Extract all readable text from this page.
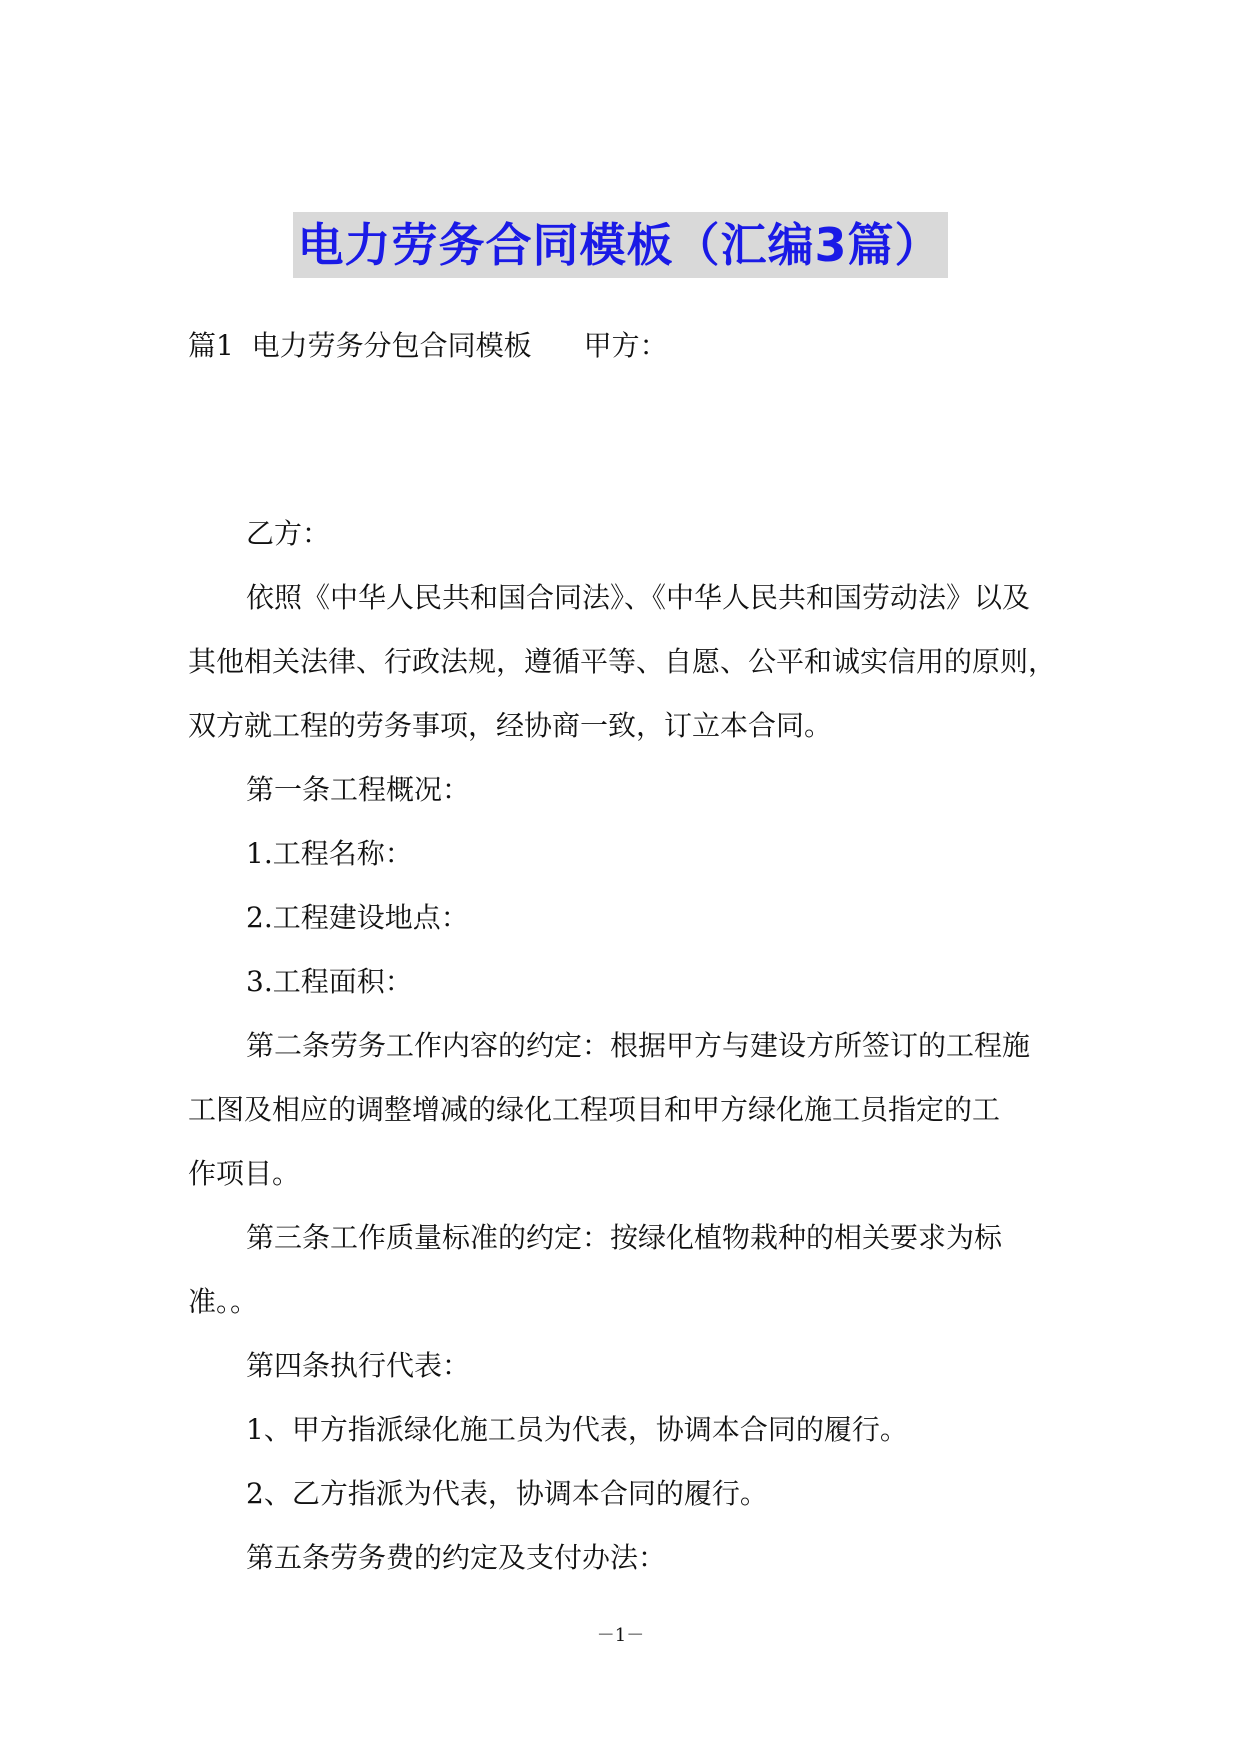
电力劳务合同模板（汇编3篇）
篇1 电力劳务分包合同模板 甲方：
乙方：
依照《中华人民共和国合同法》、《中华人民共和国劳动法》以及
其他相关法律、行政法规，遵循平等、自愿、公平和诚实信用的原则，
双方就工程的劳务事项，经协商一致，订立本合同。
第一条工程概况：
1.工程名称：
2.工程建设地点：
3.工程面积：
第二条劳务工作内容的约定：根据甲方与建设方所签订的工程施
工图及相应的调整增减的绿化工程项目和甲方绿化施工员指定的工
作项目。
第三条工作质量标准的约定：按绿化植物栽种的相关要求为标
准。。
第四条执行代表：
1、甲方指派绿化施工员为代表，协调本合同的履行。
2、乙方指派为代表，协调本合同的履行。
第五条劳务费的约定及支付办法：
－1－
